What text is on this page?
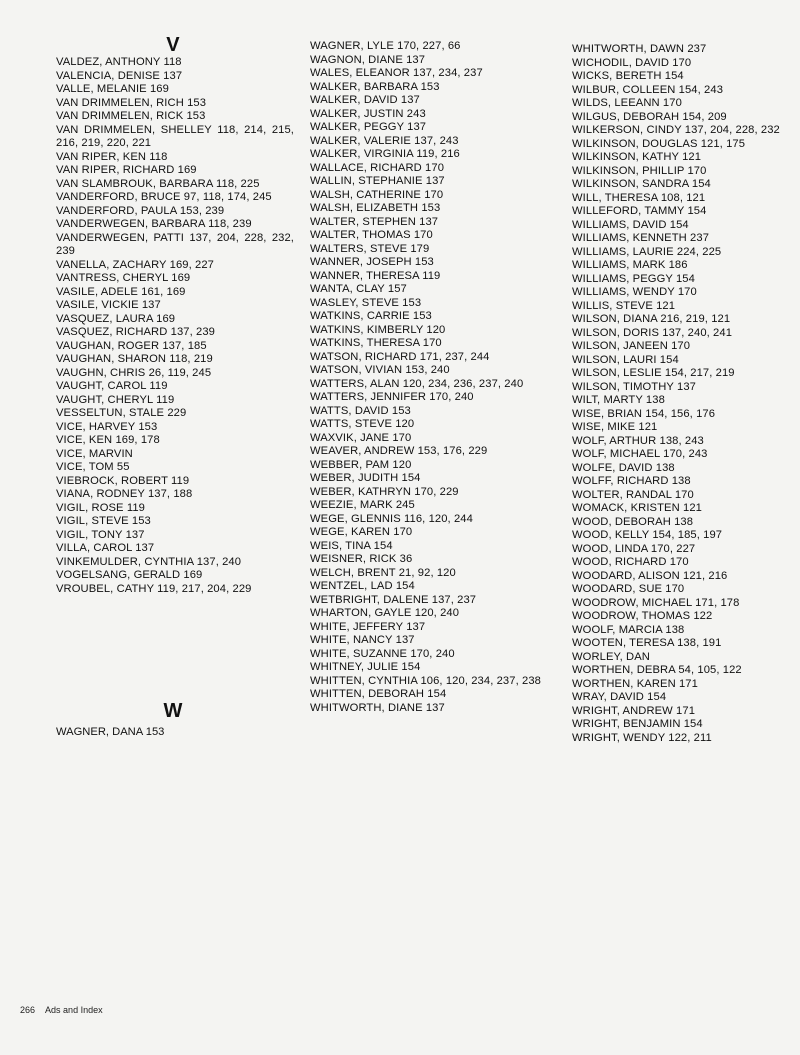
V
VALDEZ, ANTHONY 118
VALENCIA, DENISE 137
VALLE, MELANIE 169
VAN DRIMMELEN, RICH 153
VAN DRIMMELEN, RICK 153
VAN DRIMMELEN, SHELLEY 118, 214, 215, 216, 219, 220, 221
VAN RIPER, KEN 118
VAN RIPER, RICHARD 169
VAN SLAMBROUK, BARBARA 118, 225
VANDERFORD, BRUCE 97, 118, 174, 245
VANDERFORD, PAULA 153, 239
VANDERWEGEN, BARBARA 118, 239
VANDERWEGEN, PATTI 137, 204, 228, 232, 239
VANELLA, ZACHARY 169, 227
VANTRESS, CHERYL 169
VASILE, ADELE 161, 169
VASILE, VICKIE 137
VASQUEZ, LAURA 169
VASQUEZ, RICHARD 137, 239
VAUGHAN, ROGER 137, 185
VAUGHAN, SHARON 118, 219
VAUGHN, CHRIS 26, 119, 245
VAUGHT, CAROL 119
VAUGHT, CHERYL 119
VESSELTUN, STALE 229
VICE, HARVEY 153
VICE, KEN 169, 178
VICE, MARVIN
VICE, TOM 55
VIEBROCK, ROBERT 119
VIANA, RODNEY 137, 188
VIGIL, ROSE 119
VIGIL, STEVE 153
VIGIL, TONY 137
VILLA, CAROL 137
VINKEMULDER, CYNTHIA 137, 240
VOGELSANG, GERALD 169
VROUBEL, CATHY 119, 217, 204, 229
W
WAGNER, DANA 153
WAGNER, LYLE 170, 227, 66
WAGNON, DIANE 137
WALES, ELEANOR 137, 234, 237
WALKER, BARBARA 153
WALKER, DAVID 137
WALKER, JUSTIN 243
WALKER, PEGGY 137
WALKER, VALERIE 137, 243
WALKER, VIRGINIA 119, 216
WALLACE, RICHARD 170
WALLIN, STEPHANIE 137
WALSH, CATHERINE 170
WALSH, ELIZABETH 153
WALTER, STEPHEN 137
WALTER, THOMAS 170
WALTERS, STEVE 179
WANNER, JOSEPH 153
WANNER, THERESA 119
WANTA, CLAY 157
WASLEY, STEVE 153
WATKINS, CARRIE 153
WATKINS, KIMBERLY 120
WATKINS, THERESA 170
WATSON, RICHARD 171, 237, 244
WATSON, VIVIAN 153, 240
WATTERS, ALAN 120, 234, 236, 237, 240
WATTERS, JENNIFER 170, 240
WATTS, DAVID 153
WATTS, STEVE 120
WAXVIK, JANE 170
WEAVER, ANDREW 153, 176, 229
WEBBER, PAM 120
WEBER, JUDITH 154
WEBER, KATHRYN 170, 229
WEEZIE, MARK 245
WEGE, GLENNIS 116, 120, 244
WEGE, KAREN 170
WEIS, TINA 154
WEISNER, RICK 36
WELCH, BRENT 21, 92, 120
WENTZEL, LAD 154
WETBRIGHT, DALENE 137, 237
WHARTON, GAYLE 120, 240
WHITE, JEFFERY 137
WHITE, NANCY 137
WHITE, SUZANNE 170, 240
WHITNEY, JULIE 154
WHITTEN, CYNTHIA 106, 120, 234, 237, 238
WHITTEN, DEBORAH 154
WHITWORTH, DIANE 137
WHITWORTH, DAWN 237
WICHODIL, DAVID 170
WICKS, BERETH 154
WILBUR, COLLEEN 154, 243
WILDS, LEEANN 170
WILGUS, DEBORAH 154, 209
WILKERSON, CINDY 137, 204, 228, 232
WILKINSON, DOUGLAS 121, 175
WILKINSON, KATHY 121
WILKINSON, PHILLIP 170
WILKINSON, SANDRA 154
WILL, THERESA 108, 121
WILLEFORD, TAMMY 154
WILLIAMS, DAVID 154
WILLIAMS, KENNETH 237
WILLIAMS, LAURIE 224, 225
WILLIAMS, MARK 186
WILLIAMS, PEGGY 154
WILLIAMS, WENDY 170
WILLIS, STEVE 121
WILSON, DIANA 216, 219, 121
WILSON, DORIS 137, 240, 241
WILSON, JANEEN 170
WILSON, LAURI 154
WILSON, LESLIE 154, 217, 219
WILSON, TIMOTHY 137
WILT, MARTY 138
WISE, BRIAN 154, 156, 176
WISE, MIKE 121
WOLF, ARTHUR 138, 243
WOLF, MICHAEL 170, 243
WOLFE, DAVID 138
WOLFF, RICHARD 138
WOLTER, RANDAL 170
WOMACK, KRISTEN 121
WOOD, DEBORAH 138
WOOD, KELLY 154, 185, 197
WOOD, LINDA 170, 227
WOOD, RICHARD 170
WOODARD, ALISON 121, 216
WOODARD, SUE 170
WOODROW, MICHAEL 171, 178
WOODROW, THOMAS 122
WOOLF, MARCIA 138
WOOTEN, TERESA 138, 191
WORLEY, DAN
WORTHEN, DEBRA 54, 105, 122
WORTHEN, KAREN 171
WRAY, DAVID 154
WRIGHT, ANDREW 171
WRIGHT, BENJAMIN 154
WRIGHT, WENDY 122, 211
266 Ads and Index
